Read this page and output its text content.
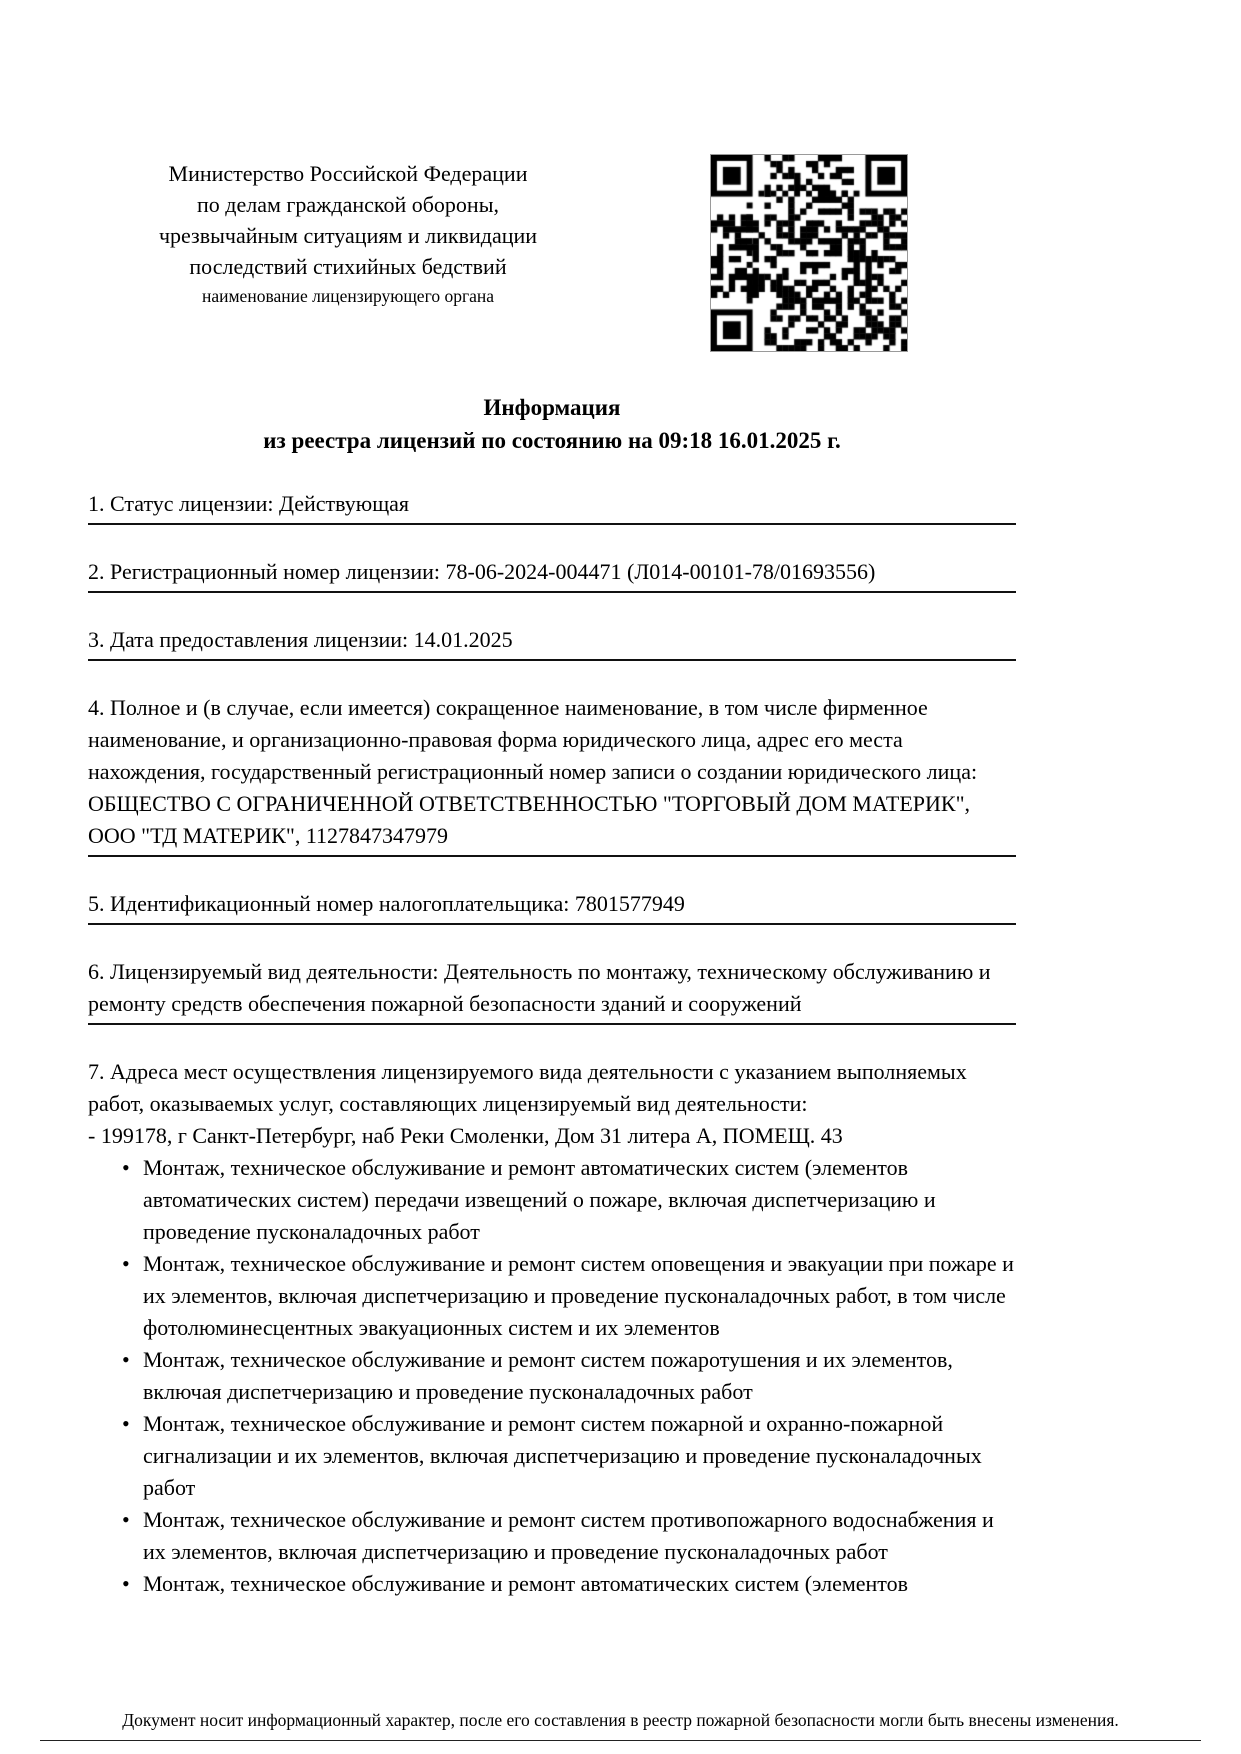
Министерство Российской Федерации
по делам гражданской обороны,
чрезвычайным ситуациям и ликвидации
последствий стихийных бедствий
наименование лицензирующего органа
Информация
из реестра лицензий по состоянию на 09:18 16.01.2025 г.
1. Статус лицензии: Действующая
2. Регистрационный номер лицензии: 78-06-2024-004471 (Л014-00101-78/01693556)
3. Дата предоставления лицензии: 14.01.2025
4. Полное и (в случае, если имеется) сокращенное наименование, в том числе фирменное наименование, и организационно-правовая форма юридического лица, адрес его места нахождения, государственный регистрационный номер записи о создании юридического лица: ОБЩЕСТВО С ОГРАНИЧЕННОЙ ОТВЕТСТВЕННОСТЬЮ "ТОРГОВЫЙ ДОМ МАТЕРИК", ООО "ТД МАТЕРИК", 1127847347979
5. Идентификационный номер налогоплательщика: 7801577949
6. Лицензируемый вид деятельности: Деятельность по монтажу, техническому обслуживанию и ремонту средств обеспечения пожарной безопасности зданий и сооружений
7. Адреса мест осуществления лицензируемого вида деятельности с указанием выполняемых работ, оказываемых услуг, составляющих лицензируемый вид деятельности:
- 199178, г Санкт-Петербург, наб Реки Смоленки, Дом 31 литера А, ПОМЕЩ. 43
• Монтаж, техническое обслуживание и ремонт автоматических систем (элементов автоматических систем) передачи извещений о пожаре, включая диспетчеризацию и проведение пусконаладочных работ
• Монтаж, техническое обслуживание и ремонт систем оповещения и эвакуации при пожаре и их элементов, включая диспетчеризацию и проведение пусконаладочных работ, в том числе фотолюминесцентных эвакуационных систем и их элементов
• Монтаж, техническое обслуживание и ремонт систем пожаротушения и их элементов, включая диспетчеризацию и проведение пусконаладочных работ
• Монтаж, техническое обслуживание и ремонт систем пожарной и охранно-пожарной сигнализации и их элементов, включая диспетчеризацию и проведение пусконаладочных работ
• Монтаж, техническое обслуживание и ремонт систем противопожарного водоснабжения и их элементов, включая диспетчеризацию и проведение пусконаладочных работ
• Монтаж, техническое обслуживание и ремонт автоматических систем (элементов
Документ носит информационный характер, после его составления в реестр пожарной безопасности могли быть внесены изменения.
